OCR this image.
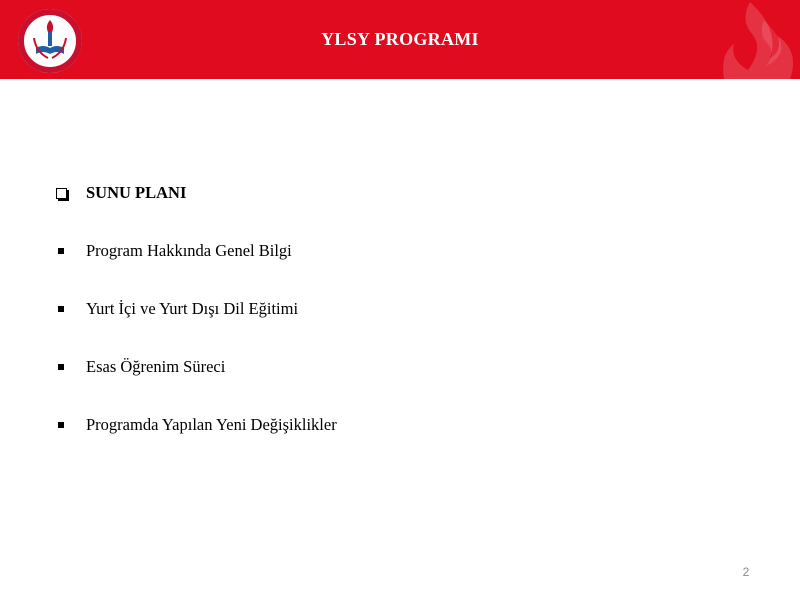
YLSY PROGRAMI
SUNU PLANI
Program Hakkında Genel Bilgi
Yurt İçi ve Yurt Dışı Dil Eğitimi
Esas Öğrenim Süreci
Programda Yapılan Yeni Değişiklikler
2
